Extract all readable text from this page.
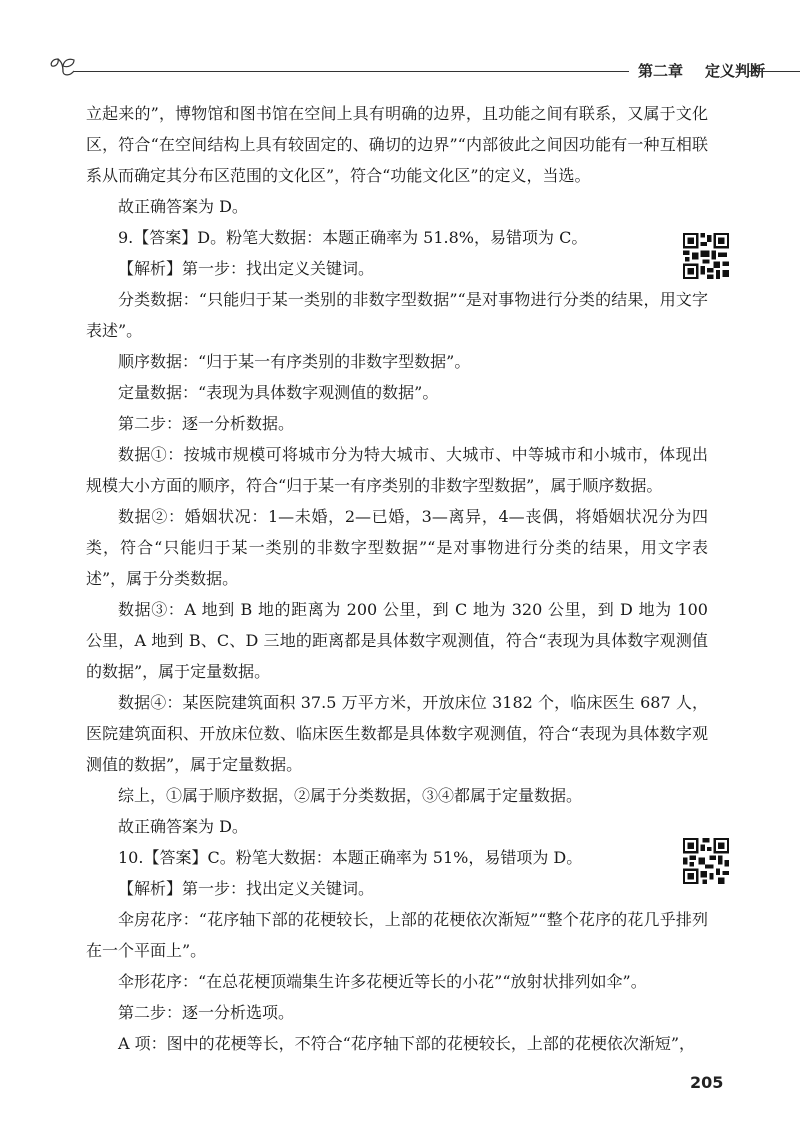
第二章 定义判断

立起来的”，博物馆和图书馆在空间上具有明确的边界，且功能之间有联系，又属于文化区，符合“在空间结构上具有较固定的、确切的边界”“内部彼此之间因功能有一种互相联系从而确定其分布区范围的文化区”，符合“功能文化区”的定义，当选。

故正确答案为 D。

9.【答案】D。粉笔大数据：本题正确率为 51.8%，易错项为 C。

【解析】第一步：找出定义关键词。

分类数据：“只能归于某一类别的非数字型数据”“是对事物进行分类的结果，用文字表述”。

顺序数据：“归于某一有序类别的非数字型数据”。

定量数据：“表现为具体数字观测值的数据”。

第二步：逐一分析数据。

数据①：按城市规模可将城市分为特大城市、大城市、中等城市和小城市，体现出规模大小方面的顺序，符合“归于某一有序类别的非数字型数据”，属于顺序数据。

数据②：婚姻状况：1—未婚，2—已婚，3—离异，4—丧偶，将婚姻状况分为四类，符合“只能归于某一类别的非数字型数据”“是对事物进行分类的结果，用文字表述”，属于分类数据。

数据③：A 地到 B 地的距离为 200 公里，到 C 地为 320 公里，到 D 地为 100 公里，A 地到 B、C、D 三地的距离都是具体数字观测值，符合“表现为具体数字观测值的数据”，属于定量数据。

数据④：某医院建筑面积 37.5 万平方米，开放床位 3182 个，临床医生 687 人，医院建筑面积、开放床位数、临床医生数都是具体数字观测值，符合“表现为具体数字观测值的数据”，属于定量数据。

综上，①属于顺序数据，②属于分类数据，③④都属于定量数据。

故正确答案为 D。

10.【答案】C。粉笔大数据：本题正确率为 51%，易错项为 D。

【解析】第一步：找出定义关键词。

伞房花序：“花序轴下部的花梗较长，上部的花梗依次渐短”“整个花序的花几乎排列在一个平面上”。

伞形花序：“在总花梗顶端集生许多花梗近等长的小花”“放射状排列如伞”。

第二步：逐一分析选项。

A 项：图中的花梗等长，不符合“花序轴下部的花梗较长，上部的花梗依次渐短”，

205
